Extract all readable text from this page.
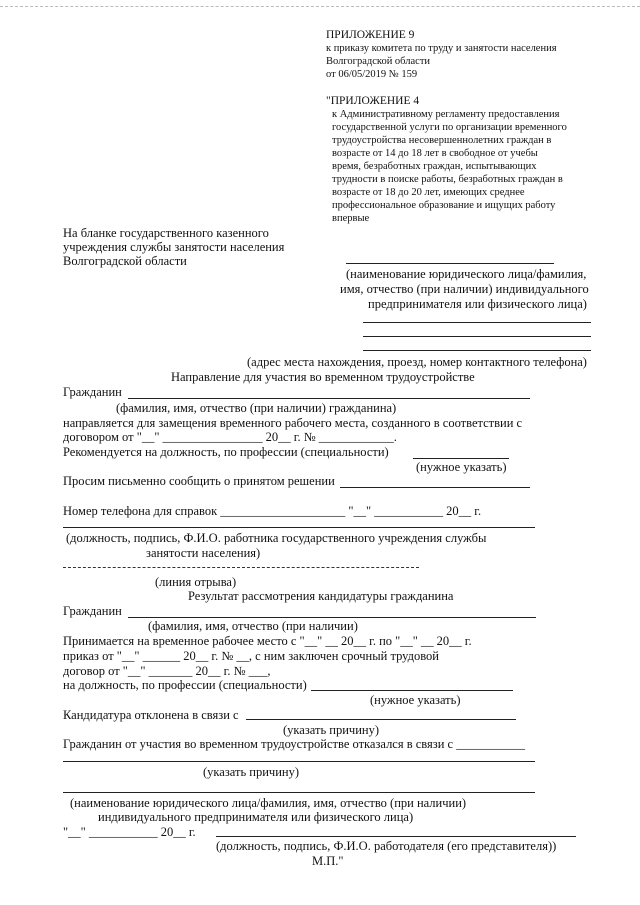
ПРИЛОЖЕНИЕ 9
к приказу комитета по труду и занятости населения
Волгоградской области
от 06/05/2019 № 159
"ПРИЛОЖЕНИЕ 4
к Административному регламенту предоставления
государственной услуги по организации временного
трудоустройства несовершеннолетних граждан в
возрасте от 14 до 18 лет в свободное от учебы
время, безработных граждан, испытывающих
трудности в поиске работы, безработных граждан в
возрасте от 18 до 20 лет, имеющих среднее
профессиональное образование и ищущих работу
впервые
На бланке государственного казенного
учреждения службы занятости населения
Волгоградской области
(наименование юридического лица/фамилия,
имя, отчество (при наличии) индивидуального
предпринимателя или физического лица)
(адрес места нахождения, проезд, номер контактного телефона)
Направление для участия во временном трудоустройстве
Гражданин
(фамилия, имя, отчество (при наличии) гражданина)
направляется для замещения временного рабочего места, созданного в соответствии с
договором от "__" ________________ 20__ г. № ____________.
Рекомендуется на должность, по профессии (специальности)
(нужное указать)
Просим письменно сообщить о принятом решении
Номер телефона для справок ____________________ "__" ___________ 20__ г.
(должность, подпись, Ф.И.О. работника государственного учреждения службы
занятости населения)
(линия отрыва)
Результат рассмотрения кандидатуры гражданина
Гражданин
(фамилия, имя, отчество (при наличии)
Принимается на временное рабочее место с "__" __ 20__ г. по "__" __ 20__ г.
приказ от "__" ______ 20__ г. № __, с ним заключен срочный трудовой
договор от "__" _______ 20__ г. № ___,
на должность, по профессии (специальности)
(нужное указать)
Кандидатура отклонена в связи с
(указать причину)
Гражданин от участия во временном трудоустройстве отказался в связи с ___________
(указать причину)
(наименование юридического лица/фамилия, имя, отчество (при наличии)
индивидуального предпринимателя или физического лица)
"__" ___________ 20__ г.
(должность, подпись, Ф.И.О. работодателя (его представителя))
М.П."
